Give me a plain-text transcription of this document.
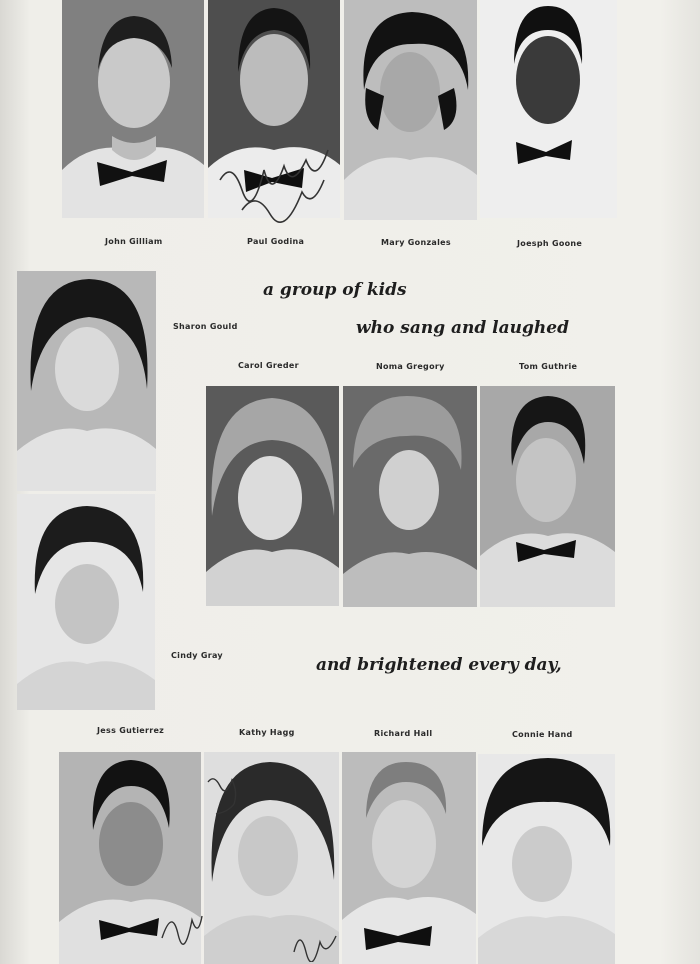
John Gilliam	Paul Godina	Mary Gonzales	Joesph Goone
a group of kids
who sang and laughed
and brightened every day,
Sharon Gould
Cindy Gray
Carol Greder	Noma Gregory	Tom Guthrie
Jess Gutierrez	Kathy Hagg	Richard Hall	Connie Hand
